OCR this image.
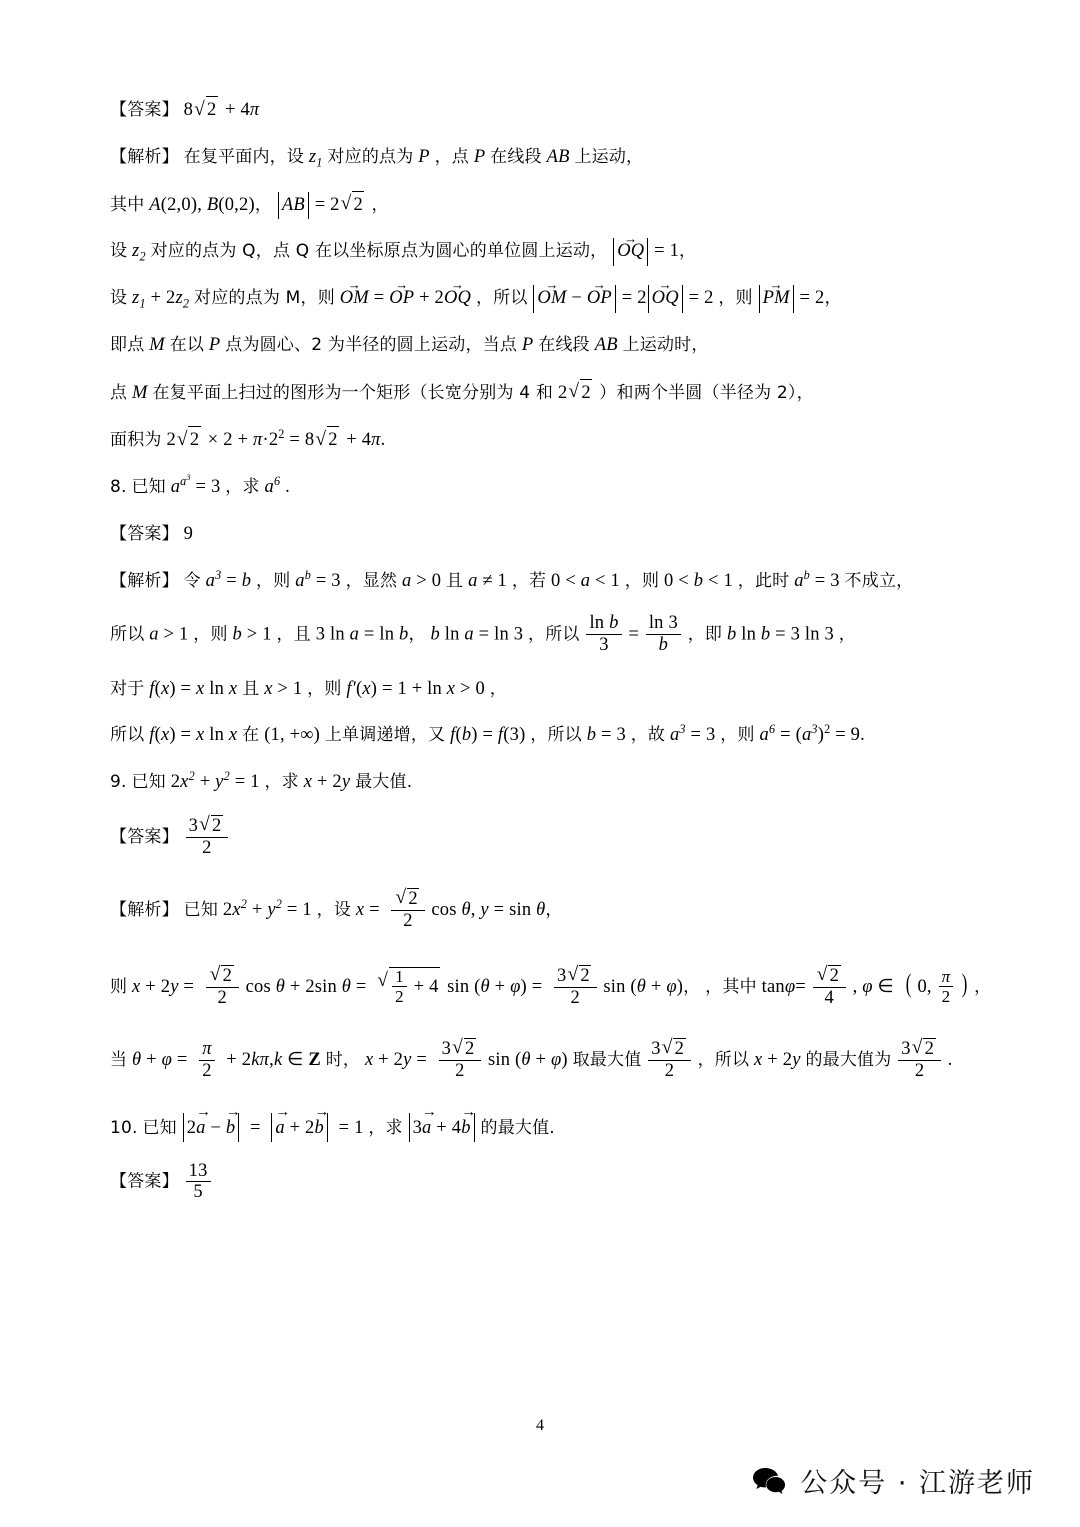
【答案】 8 √ 2 + 4π
【解析】 在复平面内，设 $z_1$ 对应的点为 P ，点 P 在线段 AB 上运动，
其中 A(2,0), B(0,2)， AB = 2 √ 2 ，
设 $z_2$ 对应的点为 Q，点 Q 在以坐标原点为圆心的单位圆上运动， OQ → = 1，
设 $z_1 + 2z_2$ 对应的点为 M，则 OM → = OP → + 2OQ → ，所以 OM → − OP → = 2 OQ → = 2 ，则 PM → = 2，
即点 M 在以 P 点为圆心、2 为半径的圆上运动，当点 P 在线段 AB 上运动时，
点 M 在复平面上扫过的图形为一个矩形（长宽分别为 4 和 2 √ 2 ）和两个半圆（半径为 2），
面积为 2 √ $2 \times 2 + \pi\cdot 2^2 = 8$ √ 2 + 4π.
8. 已知 $a^{a^3} = 3$ ，求 $a^6$ .
【答案】 9
【解析】 令 $a^3 = b$ ，则 $a^b = 3$ ，显然 a > 0 且 a ≠ 1 ，若 0 < a < 1 ，则 0 < b < 1 ，此时 $a^b = 3$ 不成立，
所以 a > 1 ，则 b > 1 ，且 3 ln a = ln b， b ln a = ln 3 ，所以 $\frac{\text{ln b}}{3} = \frac{\ln 3}{b}$ ，即 b ln b = 3 ln 3 ，
对于 f(x) = x ln x 且 x > 1 ，则 f′(x) = 1 + ln x > 0 ，
所以 f(x) = x ln x 在 (1, +∞) 上单调递增，又 f(b) = f(3) ，所以 b = 3 ，故 $a^3 = 3$ ，则 $a^6 = (a^3)^2 = 9$.
9. 已知 $2x^2 + y^2 = 1$ ，求 x + 2y 最大值.
【答案】 $\frac{3 √ 2}{2}$
【解析】 已知 $2x^2 + y^2 = 1$ ，设 x = √ $\frac{2}{2}$ cos θ, y = sin θ，
则 x + 2y = √ $\frac{2}{2}$ cos θ + 2sin θ = √ $\frac{1}{2} + 4$ $\sin (\theta + \varphi) = \frac{3 √ 2}{2}$ sin (θ + φ)， ，其中 tanφ= √ $\frac{2}{4}$ , φ ∈  ( 0, $\frac{\pi}{2}$ ) ，
当 $\theta + \varphi = \frac{\pi}{2} + 2k\pi,k$ ∈ Z 时， $x + 2y = \frac{3 √ 2}{2}$ sin (θ + φ) 取最大值 $\frac{3 √ 2}{2}$ ，所以 x + 2y 的最大值为 $\frac{3 √ 2}{2}$ .
10. 已知 2a → − b →  =  a → + 2b →  = 1 ，求 3a → + 4b → 的最大值.
【答案】 $\frac{13}{5}$
4
公众号 · 江游老师
